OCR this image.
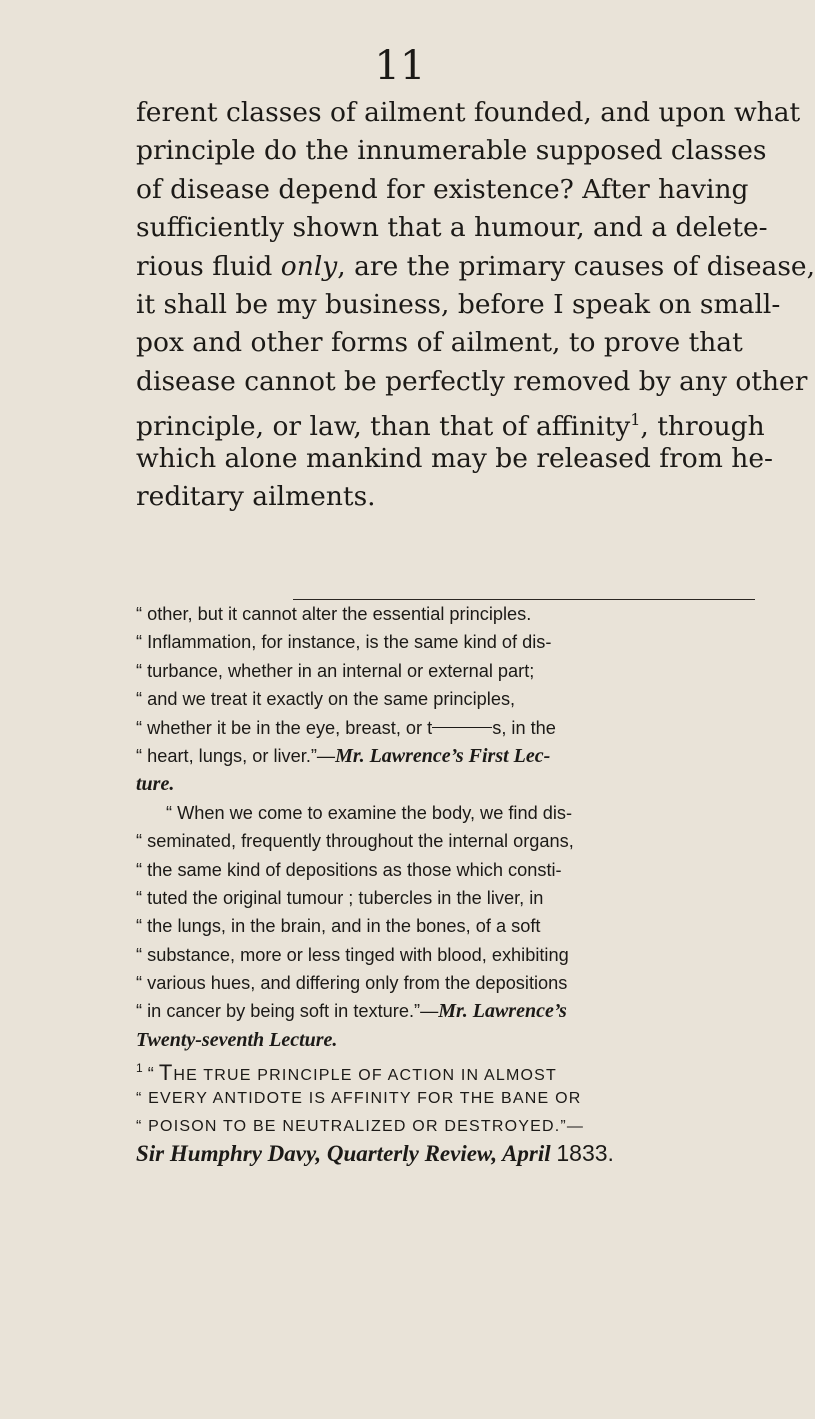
11
ferent classes of ailment founded, and upon what
principle do the innumerable supposed classes
of disease depend for existence? After having
sufficiently shown that a humour, and a delete-
rious fluid only, are the primary causes of disease,
it shall be my business, before I speak on small-
pox and other forms of ailment, to prove that
disease cannot be perfectly removed by any other
principle, or law, than that of affinity$^1$, through
which alone mankind may be released from he-
reditary ailments.
“ other, but it cannot alter the essential principles.
“ Inflammation, for instance, is the same kind of dis-
“ turbance, whether in an internal or external part;
“ and we treat it exactly on the same principles,
“ whether it be in the eye, breast, or t	s, in the
“ heart, lungs, or liver.”—Mr. Lawrence’s First Lec-
ture.
“ When we come to examine the body, we find dis-
“ seminated, frequently throughout the internal organs,
“ the same kind of depositions as those which consti-
“ tuted the original tumour ; tubercles in the liver, in
“ the lungs, in the brain, and in the bones, of a soft
“ substance, more or less tinged with blood, exhibiting
“ various hues, and differing only from the depositions
“ in cancer by being soft in texture.”—Mr. Lawrence’s
Twenty-seventh Lecture.
$^1$ “ THE TRUE PRINCIPLE OF ACTION IN ALMOST
“ EVERY ANTIDOTE IS AFFINITY FOR THE BANE OR
“ POISON TO BE NEUTRALIZED OR DESTROYED.”—
Sir Humphry Davy, Quarterly Review, April 1833.
